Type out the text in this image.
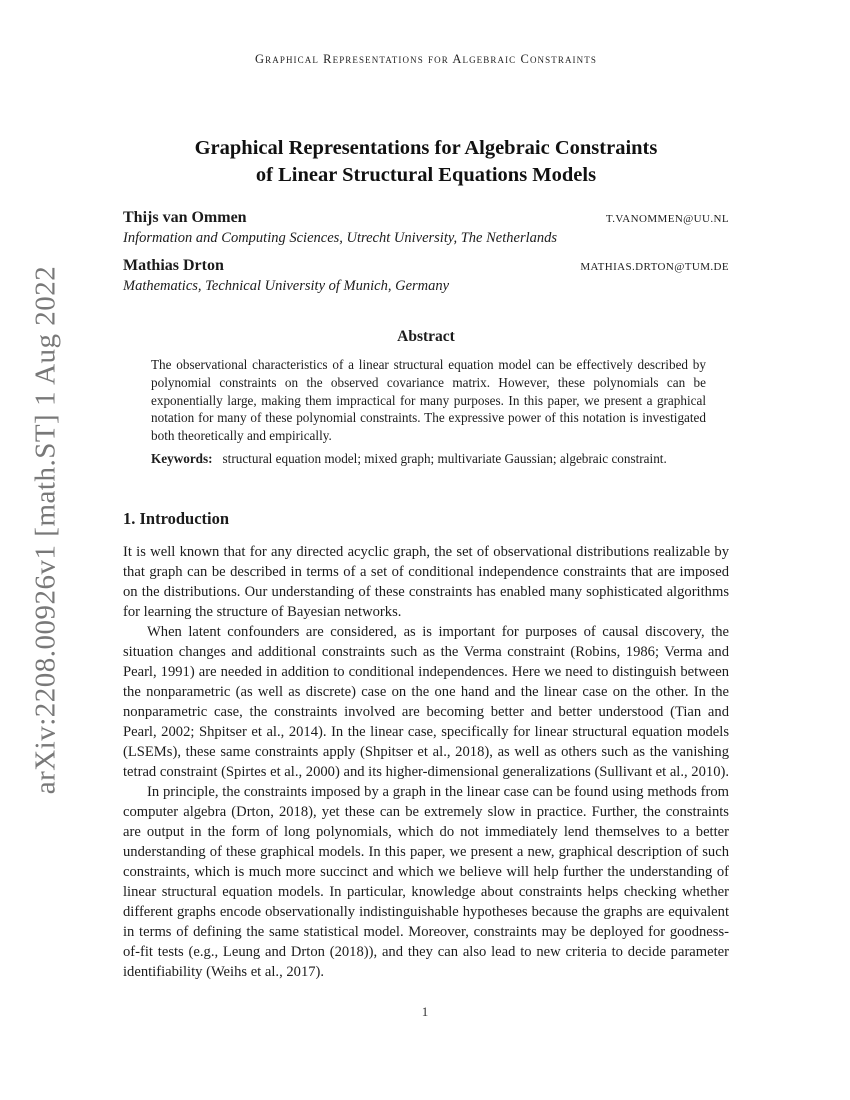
arXiv:2208.00926v1 [math.ST] 1 Aug 2022
Graphical Representations for Algebraic Constraints
Graphical Representations for Algebraic Constraints
of Linear Structural Equations Models
Thijs van Ommen	T.VANOMMEN@UU.NL
Information and Computing Sciences, Utrecht University, The Netherlands
Mathias Drton	MATHIAS.DRTON@TUM.DE
Mathematics, Technical University of Munich, Germany
Abstract

The observational characteristics of a linear structural equation model can be effectively described by polynomial constraints on the observed covariance matrix. However, these polynomials can be exponentially large, making them impractical for many purposes. In this paper, we present a graphical notation for many of these polynomial constraints. The expressive power of this notation is investigated both theoretically and empirically.

Keywords: structural equation model; mixed graph; multivariate Gaussian; algebraic constraint.

1. Introduction

It is well known that for any directed acyclic graph, the set of observational distributions realizable by that graph can be described in terms of a set of conditional independence constraints that are imposed on the distributions. Our understanding of these constraints has enabled many sophisticated algorithms for learning the structure of Bayesian networks.

When latent confounders are considered, as is important for purposes of causal discovery, the situation changes and additional constraints such as the Verma constraint (Robins, 1986; Verma and Pearl, 1991) are needed in addition to conditional independences. Here we need to distinguish between the nonparametric (as well as discrete) case on the one hand and the linear case on the other. In the nonparametric case, the constraints involved are becoming better and better understood (Tian and Pearl, 2002; Shpitser et al., 2014). In the linear case, specifically for linear structural equation models (LSEMs), these same constraints apply (Shpitser et al., 2018), as well as others such as the vanishing tetrad constraint (Spirtes et al., 2000) and its higher-dimensional generalizations (Sullivant et al., 2010).

In principle, the constraints imposed by a graph in the linear case can be found using methods from computer algebra (Drton, 2018), yet these can be extremely slow in practice. Further, the constraints are output in the form of long polynomials, which do not immediately lend themselves to a better understanding of these graphical models. In this paper, we present a new, graphical description of such constraints, which is much more succinct and which we believe will help further the understanding of linear structural equation models. In particular, knowledge about constraints helps checking whether different graphs encode observationally indistinguishable hypotheses because the graphs are equivalent in terms of defining the same statistical model. Moreover, constraints may be deployed for goodness-of-fit tests (e.g., Leung and Drton (2018)), and they can also lead to new criteria to decide parameter identifiability (Weihs et al., 2017).

1
